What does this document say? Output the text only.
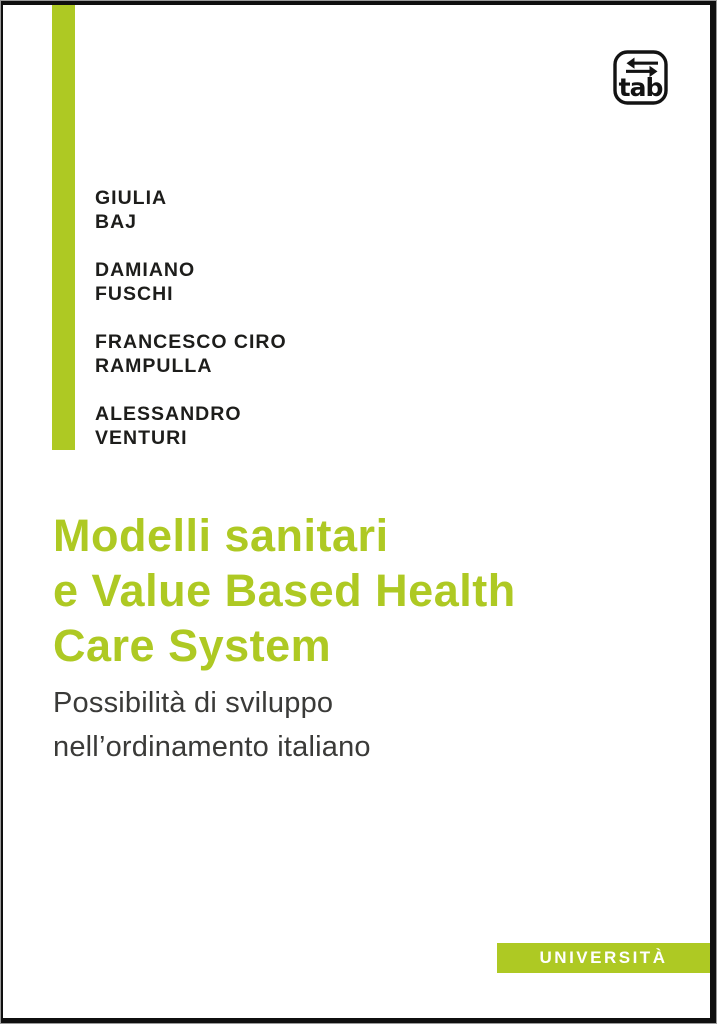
tab
GIULIA
BAJ
DAMIANO
FUSCHI
FRANCESCO CIRO
RAMPULLA
ALESSANDRO
VENTURI
Modelli sanitari
e Value Based Health
Care System
Possibilità di sviluppo
nell’ordinamento italiano
UNIVERSITÀ
